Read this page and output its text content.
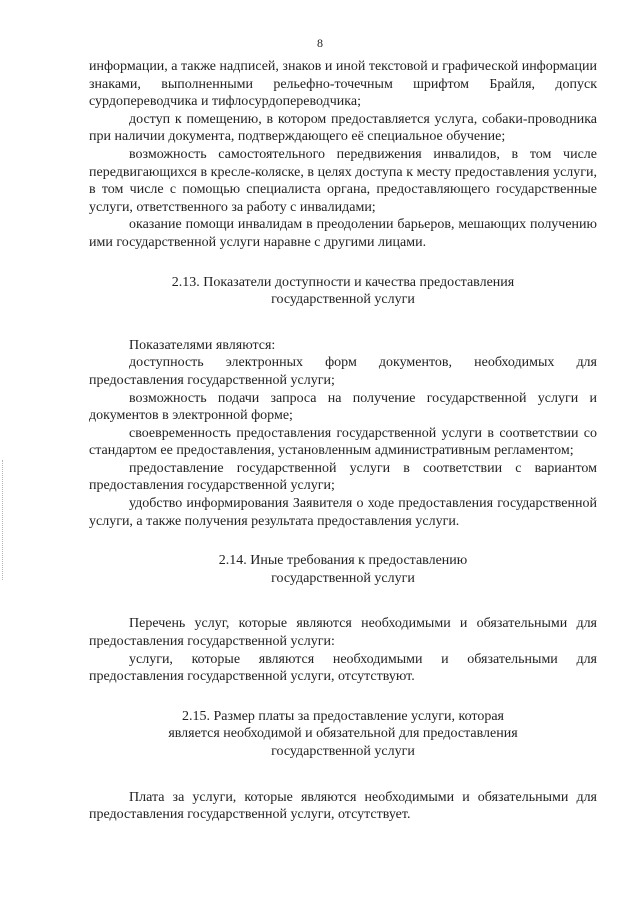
8

информации, а также надписей, знаков и иной текстовой и графической информации знаками, выполненными рельефно-точечным шрифтом Брайля, допуск сурдопереводчика и тифлосурдопереводчика;

доступ к помещению, в котором предоставляется услуга, собаки-проводника при наличии документа, подтверждающего её специальное обучение;

возможность самостоятельного передвижения инвалидов, в том числе передвигающихся в кресле-коляске, в целях доступа к месту предоставления услуги, в том числе с помощью специалиста органа, предоставляющего государственные услуги, ответственного за работу с инвалидами;

оказание помощи инвалидам в преодолении барьеров, мешающих получению ими государственной услуги наравне с другими лицами.

2.13. Показатели доступности и качества предоставления
государственной услуги

Показателями являются:

доступность электронных форм документов, необходимых для предоставления государственной услуги;

возможность подачи запроса на получение государственной услуги и документов в электронной форме;

своевременность предоставления государственной услуги в соответствии со стандартом ее предоставления, установленным административным регламентом;

предоставление государственной услуги в соответствии с вариантом предоставления государственной услуги;

удобство информирования Заявителя о ходе предоставления государственной услуги, а также получения результата предоставления услуги.

2.14. Иные требования к предоставлению
государственной услуги

Перечень услуг, которые являются необходимыми и обязательными для предоставления государственной услуги:

услуги, которые являются необходимыми и обязательными для предоставления государственной услуги, отсутствуют.

2.15. Размер платы за предоставление услуги, которая
является необходимой и обязательной для предоставления
государственной услуги

Плата за услуги, которые являются необходимыми и обязательными для предоставления государственной услуги, отсутствует.
